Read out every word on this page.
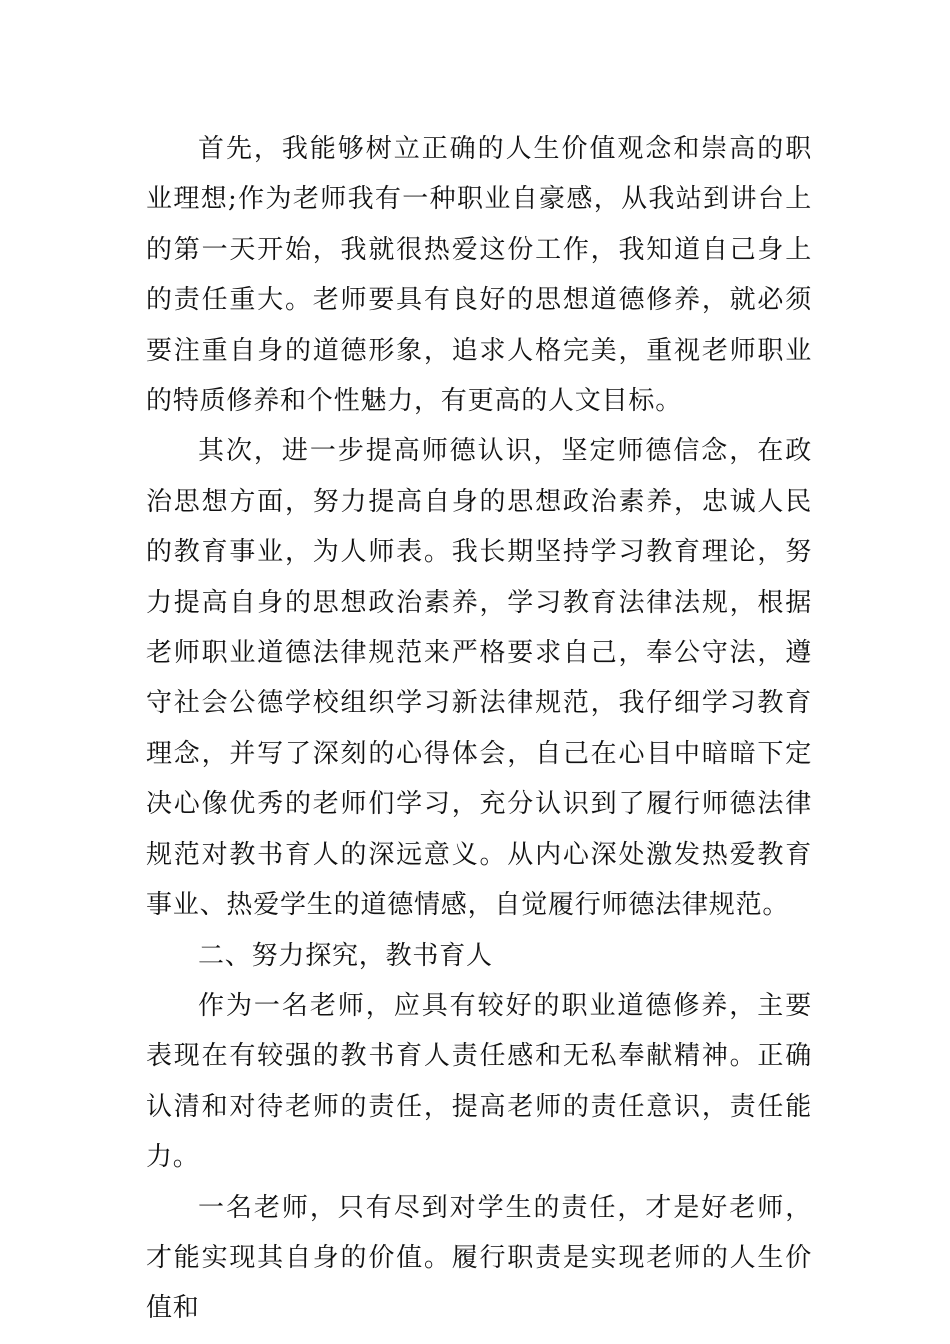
首先，我能够树立正确的人生价值观念和崇高的职业理想;作为老师我有一种职业自豪感，从我站到讲台上的第一天开始，我就很热爱这份工作，我知道自己身上的责任重大。老师要具有良好的思想道德修养，就必须要注重自身的道德形象，追求人格完美，重视老师职业的特质修养和个性魅力，有更高的人文目标。

其次，进一步提高师德认识，坚定师德信念，在政治思想方面，努力提高自身的思想政治素养，忠诚人民的教育事业，为人师表。我长期坚持学习教育理论，努力提高自身的思想政治素养，学习教育法律法规，根据老师职业道德法律规范来严格要求自己，奉公守法，遵守社会公德学校组织学习新法律规范，我仔细学习教育理念，并写了深刻的心得体会，自己在心目中暗暗下定决心像优秀的老师们学习，充分认识到了履行师德法律规范对教书育人的深远意义。从内心深处激发热爱教育事业、热爱学生的道德情感，自觉履行师德法律规范。

二、努力探究，教书育人

作为一名老师，应具有较好的职业道德修养，主要表现在有较强的教书育人责任感和无私奉献精神。正确认清和对待老师的责任，提高老师的责任意识，责任能力。

一名老师，只有尽到对学生的责任，才是好老师，才能实现其自身的价值。履行职责是实现老师的人生价值和
